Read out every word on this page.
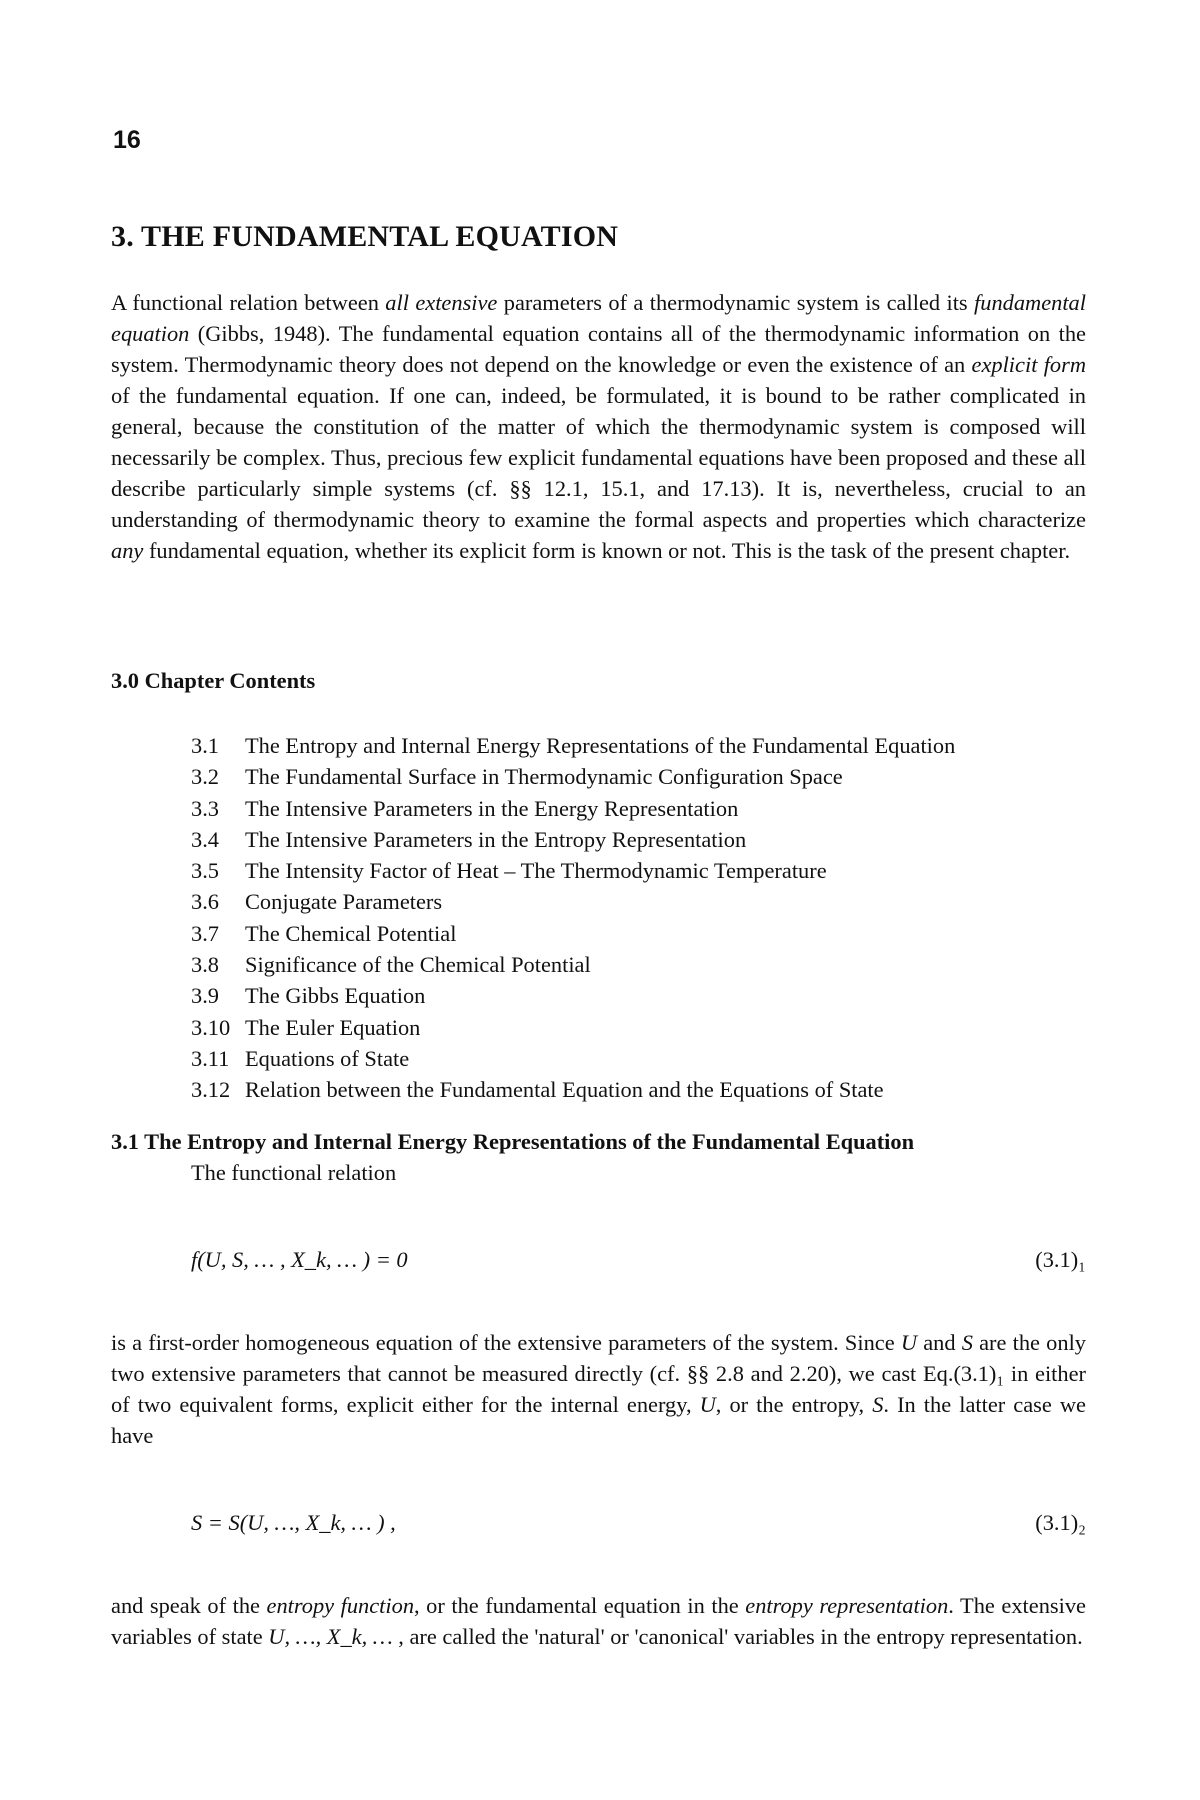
16
3. THE FUNDAMENTAL EQUATION

A functional relation between all extensive parameters of a thermodynamic system is called its fundamental equation (Gibbs, 1948). The fundamental equation contains all of the thermodynamic information on the system. Thermodynamic theory does not depend on the knowledge or even the existence of an explicit form of the fundamental equation. If one can, indeed, be formulated, it is bound to be rather complicated in general, because the constitution of the matter of which the thermodynamic system is composed will necessarily be complex. Thus, precious few explicit fundamental equations have been proposed and these all describe particularly simple systems (cf. §§ 12.1, 15.1, and 17.13). It is, nevertheless, crucial to an understanding of thermodynamic theory to examine the formal aspects and properties which characterize any fundamental equation, whether its explicit form is known or not. This is the task of the present chapter.

3.0 Chapter Contents
3.1 The Entropy and Internal Energy Representations of the Fundamental Equation
3.2 The Fundamental Surface in Thermodynamic Configuration Space
3.3 The Intensive Parameters in the Energy Representation
3.4 The Intensive Parameters in the Entropy Representation
3.5 The Intensity Factor of Heat – The Thermodynamic Temperature
3.6 Conjugate Parameters
3.7 The Chemical Potential
3.8 Significance of the Chemical Potential
3.9 The Gibbs Equation
3.10 The Euler Equation
3.11 Equations of State
3.12 Relation between the Fundamental Equation and the Equations of State
3.1 The Entropy and Internal Energy Representations of the Fundamental Equation

The functional relation

f(U, S, … , X_k, … ) = 0	(3.1)₁

is a first-order homogeneous equation of the extensive parameters of the system. Since U and S are the only two extensive parameters that cannot be measured directly (cf. §§ 2.8 and 2.20), we cast Eq.(3.1)₁ in either of two equivalent forms, explicit either for the internal energy, U, or the entropy, S. In the latter case we have

S = S(U, …, X_k, … ) ,	(3.1)₂

and speak of the entropy function, or the fundamental equation in the entropy representation. The extensive variables of state U, …, X_k, … , are called the 'natural' or 'canonical' variables in the entropy representation.
